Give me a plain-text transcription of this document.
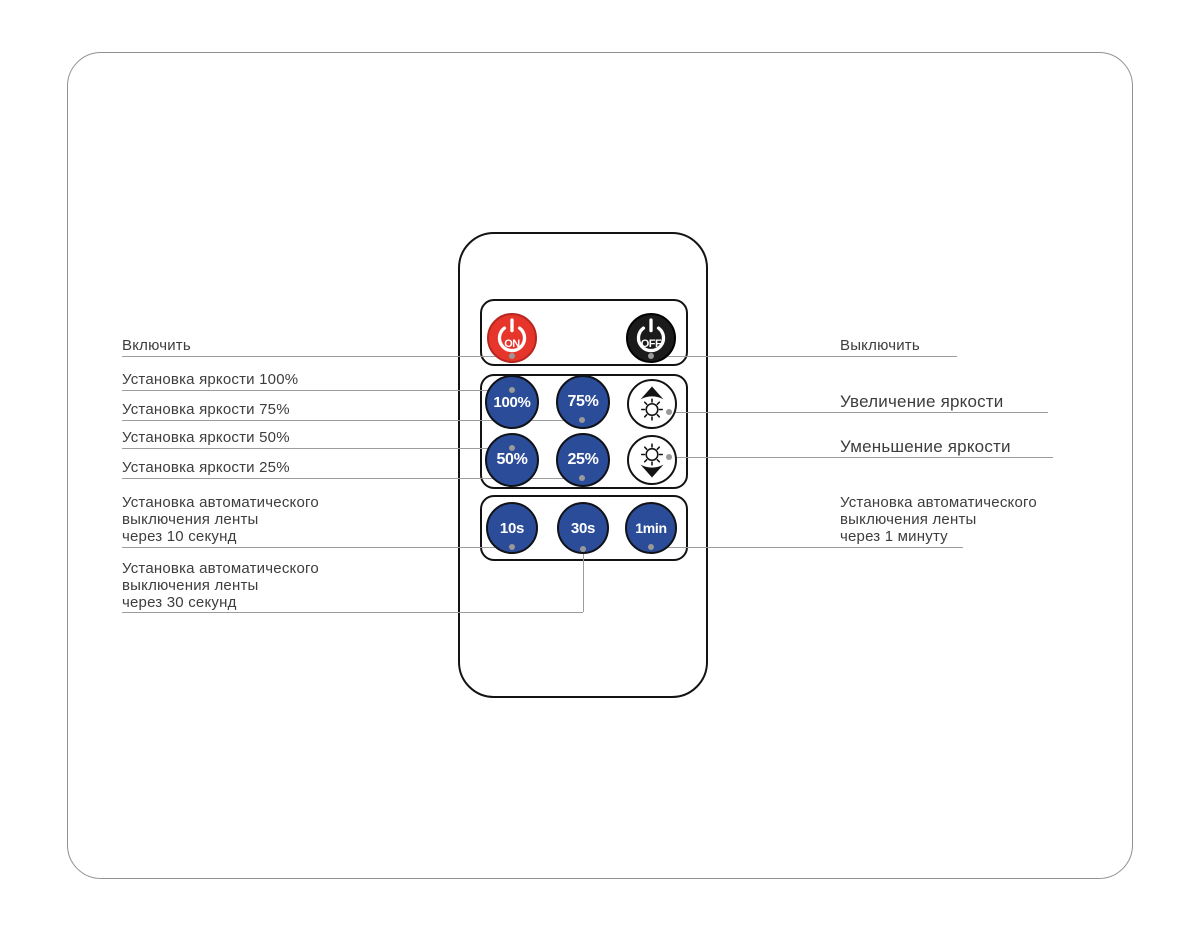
ON	OFF
100%	75%
50%	25%
10s	30s	1min
Включить
Установка яркости 100%
Установка яркости 75%
Установка яркости 50%
Установка яркости 25%
Установка автоматического
выключения ленты
через 10 секунд
Установка автоматического
выключения ленты
через 30 секунд
Выключить
Увеличение яркости
Уменьшение яркости
Установка автоматического
выключения ленты
через 1 минуту
